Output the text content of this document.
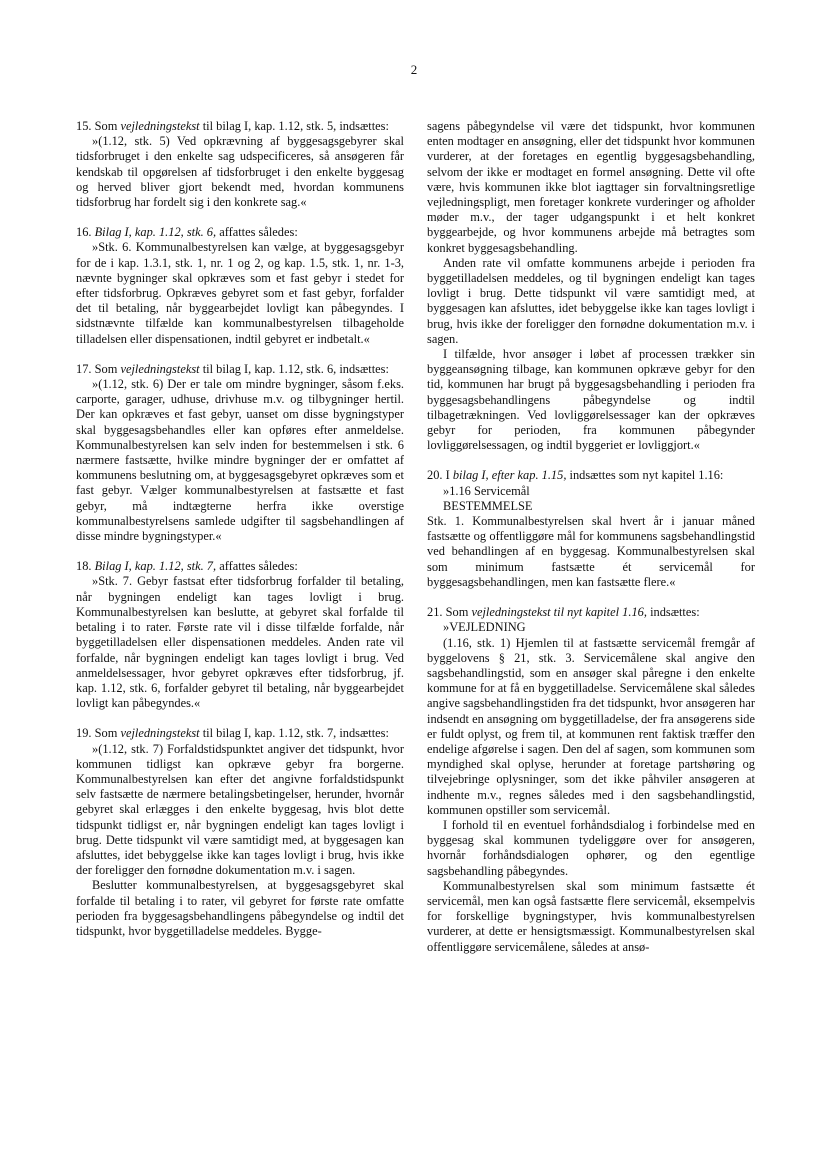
2

15. Som vejledningstekst til bilag I, kap. 1.12, stk. 5, indsættes:

»(1.12, stk. 5) Ved opkrævning af byggesagsgebyrer skal tidsforbruget i den enkelte sag udspecificeres, så ansøgeren får kendskab til opgørelsen af tidsforbruget i den enkelte byggesag og herved bliver gjort bekendt med, hvordan kommunens tidsforbrug har fordelt sig i den konkrete sag.«

16. Bilag I, kap. 1.12, stk. 6, affattes således:

»Stk. 6. Kommunalbestyrelsen kan vælge, at byggesagsgebyr for de i kap. 1.3.1, stk. 1, nr. 1 og 2, og kap. 1.5, stk. 1, nr. 1-3, nævnte bygninger skal opkræves som et fast gebyr i stedet for efter tidsforbrug. Opkræves gebyret som et fast gebyr, forfalder det til betaling, når byggearbejdet lovligt kan påbegyndes. I sidstnævnte tilfælde kan kommunalbestyrelsen tilbageholde tilladelsen eller dispensationen, indtil gebyret er indbetalt.«

17. Som vejledningstekst til bilag I, kap. 1.12, stk. 6, indsættes:

»(1.12, stk. 6) Der er tale om mindre bygninger, såsom f.eks. carporte, garager, udhuse, drivhuse m.v. og tilbygninger hertil. Der kan opkræves et fast gebyr, uanset om disse bygningstyper skal byggesagsbehandles eller kan opføres efter anmeldelse. Kommunalbestyrelsen kan selv inden for bestemmelsen i stk. 6 nærmere fastsætte, hvilke mindre bygninger der er omfattet af kommunens beslutning om, at byggesagsgebyret opkræves som et fast gebyr. Vælger kommunalbestyrelsen at fastsætte et fast gebyr, må indtægterne herfra ikke overstige kommunalbestyrelsens samlede udgifter til sagsbehandlingen af disse mindre bygningstyper.«

18. Bilag I, kap. 1.12, stk. 7, affattes således:

»Stk. 7. Gebyr fastsat efter tidsforbrug forfalder til betaling, når bygningen endeligt kan tages lovligt i brug. Kommunalbestyrelsen kan beslutte, at gebyret skal forfalde til betaling i to rater. Første rate vil i disse tilfælde forfalde, når byggetilladelsen eller dispensationen meddeles. Anden rate vil forfalde, når bygningen endeligt kan tages lovligt i brug. Ved anmeldelsessager, hvor gebyret opkræves efter tidsforbrug, jf. kap. 1.12, stk. 6, forfalder gebyret til betaling, når byggearbejdet lovligt kan påbegyndes.«

19. Som vejledningstekst til bilag I, kap. 1.12, stk. 7, indsættes:

»(1.12, stk. 7) Forfaldstidspunktet angiver det tidspunkt, hvor kommunen tidligst kan opkræve gebyr fra borgerne. Kommunalbestyrelsen kan efter det angivne forfaldstidspunkt selv fastsætte de nærmere betalingsbetingelser, herunder, hvornår gebyret skal erlægges i den enkelte byggesag, hvis blot dette tidspunkt tidligst er, når bygningen endeligt kan tages lovligt i brug. Dette tidspunkt vil være samtidigt med, at byggesagen kan afsluttes, idet bebyggelse ikke kan tages lovligt i brug, hvis ikke der foreligger den fornødne dokumentation m.v. i sagen.

Beslutter kommunalbestyrelsen, at byggesagsgebyret skal forfalde til betaling i to rater, vil gebyret for første rate omfatte perioden fra byggesagsbehandlingens påbegyndelse og indtil det tidspunkt, hvor byggetilladelse meddeles. Bygge-

sagens påbegyndelse vil være det tidspunkt, hvor kommunen enten modtager en ansøgning, eller det tidspunkt hvor kommunen vurderer, at der foretages en egentlig byggesagsbehandling, selvom der ikke er modtaget en formel ansøgning. Dette vil ofte være, hvis kommunen ikke blot iagttager sin forvaltningsretlige vejledningspligt, men foretager konkrete vurderinger og afholder møder m.v., der tager udgangspunkt i et helt konkret byggearbejde, og hvor kommunens arbejde må betragtes som konkret byggesagsbehandling.

Anden rate vil omfatte kommunens arbejde i perioden fra byggetilladelsen meddeles, og til bygningen endeligt kan tages lovligt i brug. Dette tidspunkt vil være samtidigt med, at byggesagen kan afsluttes, idet bebyggelse ikke kan tages lovligt i brug, hvis ikke der foreligger den fornødne dokumentation m.v. i sagen.

I tilfælde, hvor ansøger i løbet af processen trækker sin byggeansøgning tilbage, kan kommunen opkræve gebyr for den tid, kommunen har brugt på byggesagsbehandling i perioden fra byggesagsbehandlingens påbegyndelse og indtil tilbagetrækningen. Ved lovliggørelsessager kan der opkræves gebyr for perioden, fra kommunen påbegynder lovliggørelsessagen, og indtil byggeriet er lovliggjort.«

20. I bilag I, efter kap. 1.15, indsættes som nyt kapitel 1.16:

»1.16 Servicemål

BESTEMMELSE

Stk. 1. Kommunalbestyrelsen skal hvert år i januar måned fastsætte og offentliggøre mål for kommunens sagsbehandlingstid ved behandlingen af en byggesag. Kommunalbestyrelsen skal som minimum fastsætte ét servicemål for byggesagsbehandlingen, men kan fastsætte flere.«

21. Som vejledningstekst til nyt kapitel 1.16, indsættes:

»VEJLEDNING

(1.16, stk. 1) Hjemlen til at fastsætte servicemål fremgår af byggelovens § 21, stk. 3. Servicemålene skal angive den sagsbehandlingstid, som en ansøger skal påregne i den enkelte kommune for at få en byggetilladelse. Servicemålene skal således angive sagsbehandlingstiden fra det tidspunkt, hvor ansøgeren har indsendt en ansøgning om byggetilladelse, der fra ansøgerens side er fuldt oplyst, og frem til, at kommunen rent faktisk træffer den endelige afgørelse i sagen. Den del af sagen, som kommunen som myndighed skal oplyse, herunder at foretage partshøring og tilvejebringe oplysninger, som det ikke påhviler ansøgeren at indhente m.v., regnes således med i den sagsbehandlingstid, kommunen opstiller som servicemål.

I forhold til en eventuel forhåndsdialog i forbindelse med en byggesag skal kommunen tydeliggøre over for ansøgeren, hvornår forhåndsdialogen ophører, og den egentlige sagsbehandling påbegyndes.

Kommunalbestyrelsen skal som minimum fastsætte ét servicemål, men kan også fastsætte flere servicemål, eksempelvis for forskellige bygningstyper, hvis kommunalbestyrelsen vurderer, at dette er hensigtsmæssigt. Kommunalbestyrelsen skal offentliggøre servicemålene, således at ansø-
